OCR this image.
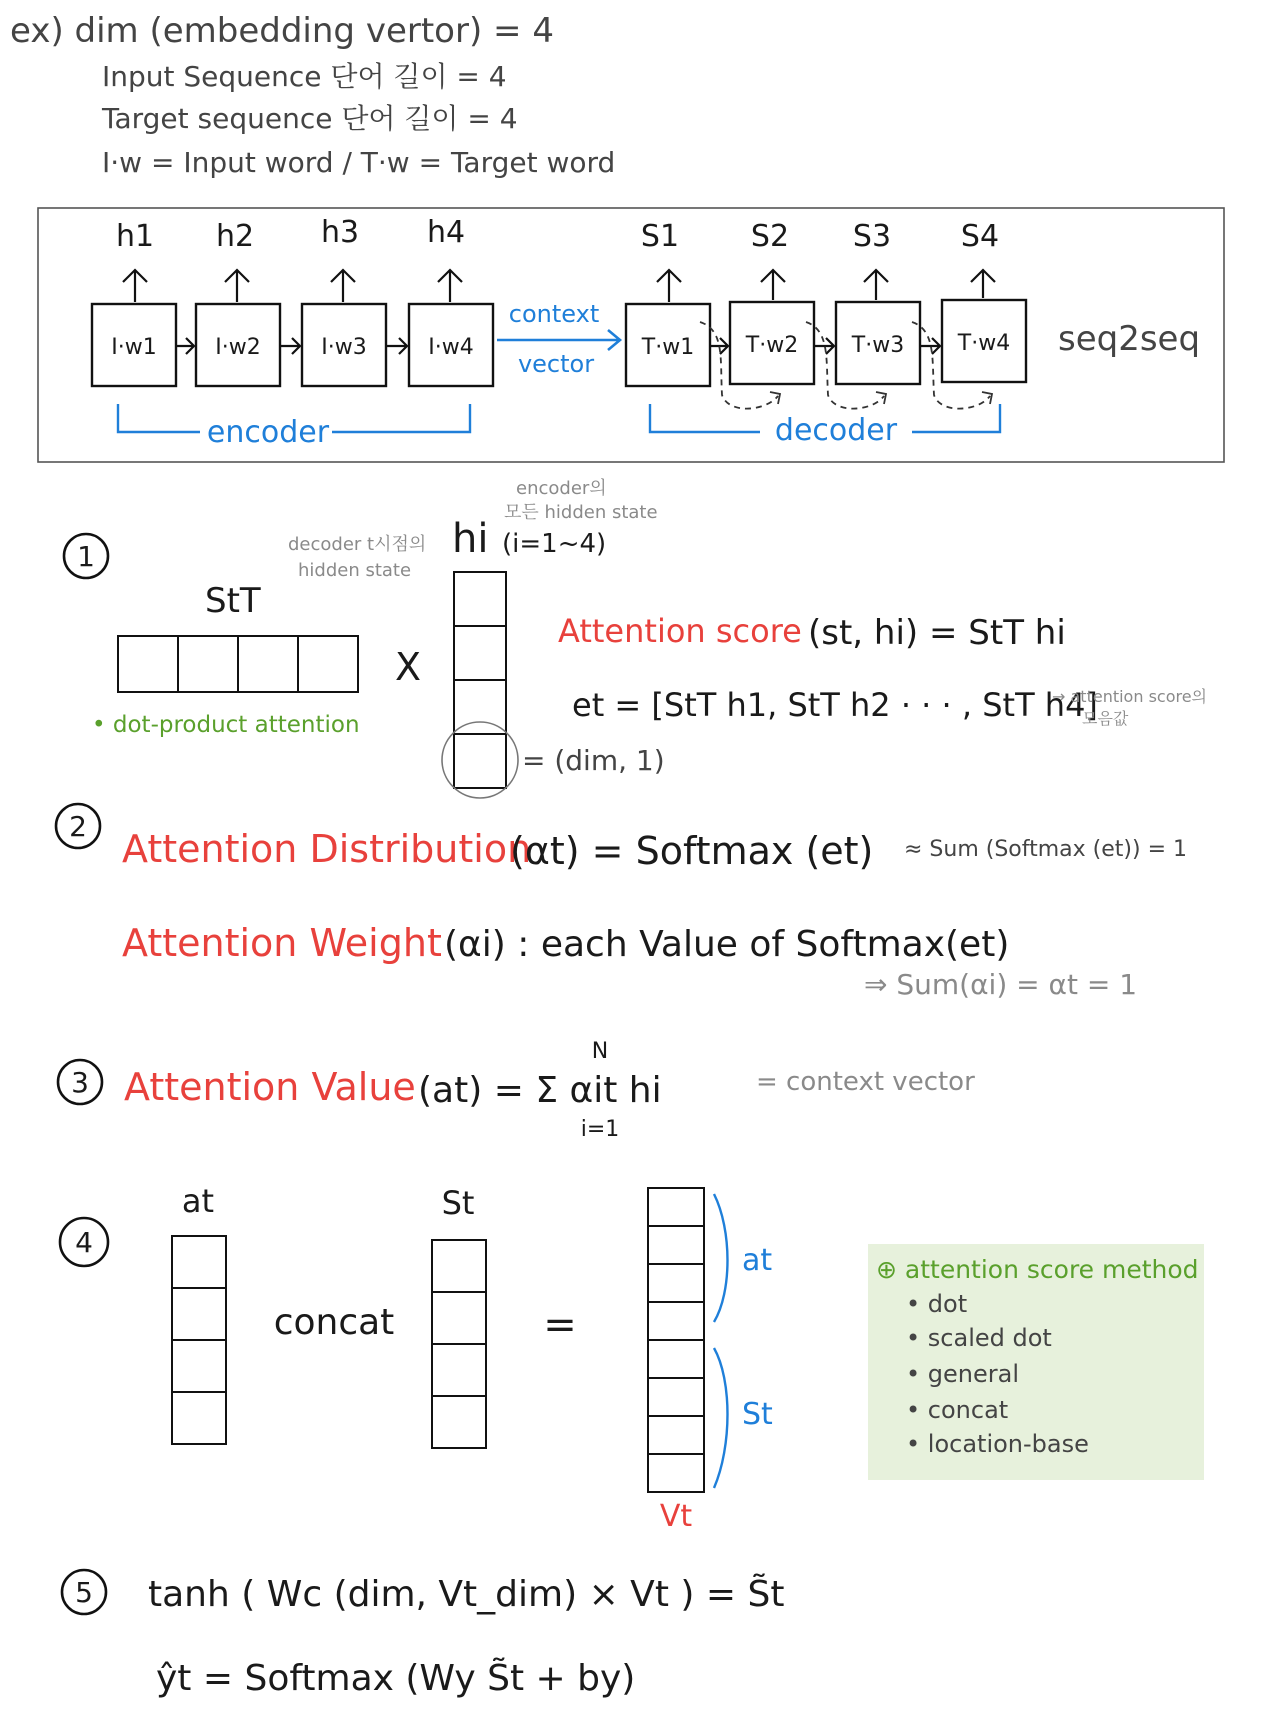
ex) dim (embedding vertor) = 4
Input Sequence 단어 길이 = 4
Target sequence 단어 길이 = 4
I·w = Input word / T·w = Target word
h1 h2 h3 h4
I·w1	I·w2	I·w3	I·w4
context
vector
S1 S2 S3 S4
T·w1 T·w2 T·w3 T·w4
encoder	decoder
seq2seq
1
StT
decoder t시점의
hidden state
• dot-product attention
X
hi (i=1~4)
encoder의
모든 hidden state
= (dim, 1)
Attention score (st, hi) = StT hi
et = [StT h1, StT h2 · · · , StT h4]
→ attention score의
모음값
2
Attention Distribution
(αt) = Softmax (et) ≈ Sum (Softmax (et)) = 1
Attention Weight (αi) : each Value of Softmax(et)
⇒ Sum(αi) = αt = 1
3 Attention Value (at) = Σ αit hi
N
i=1
= context vector
4
at
concat
St
=
at
St
Vt
⊕ attention score method
• dot
• scaled dot
• general
• concat
• location-base
5 tanh ( Wc (dim, Vt_dim) × Vt ) = S̃t
ŷt = Softmax (Wy S̃t + by)
